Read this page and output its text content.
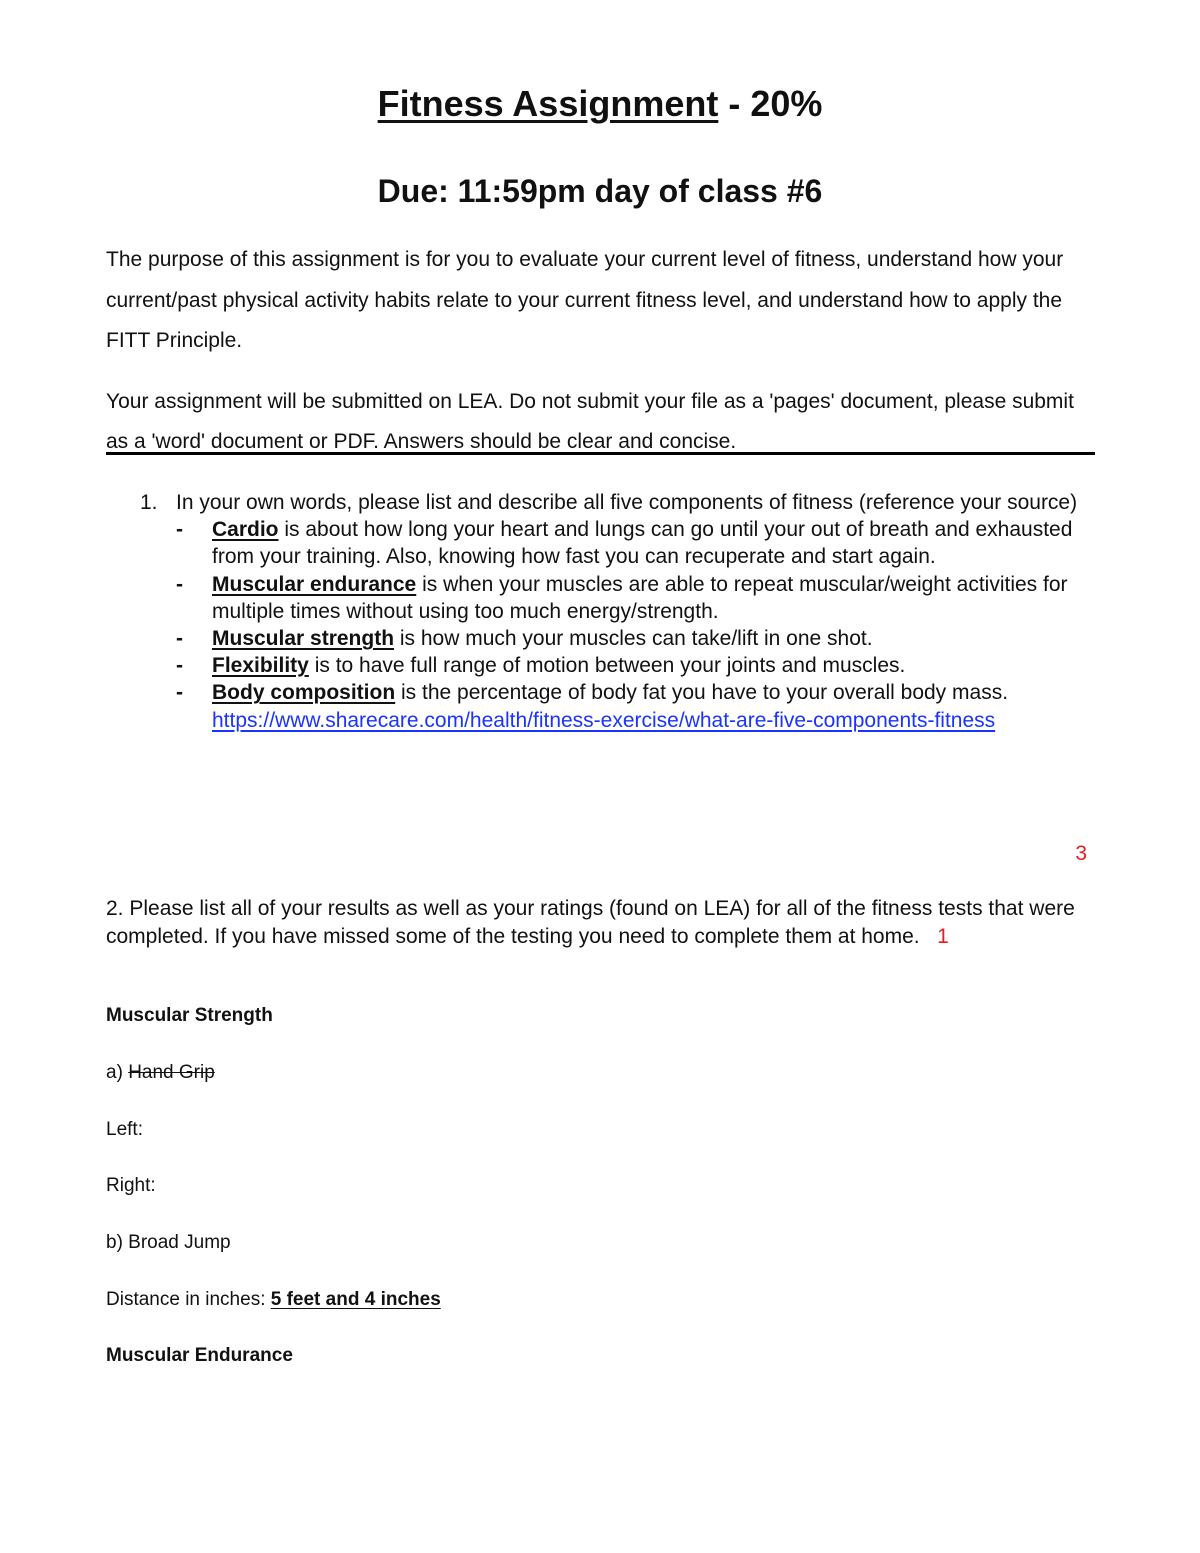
Fitness Assignment - 20%
Due: 11:59pm day of class #6

The purpose of this assignment is for you to evaluate your current level of fitness, understand how your current/past physical activity habits relate to your current fitness level, and understand how to apply the FITT Principle.

Your assignment will be submitted on LEA. Do not submit your file as a 'pages' document, please submit as a 'word' document or PDF. Answers should be clear and concise.

1. In your own words, please list and describe all five components of fitness (reference your source)
- Cardio is about how long your heart and lungs can go until your out of breath and exhausted from your training. Also, knowing how fast you can recuperate and start again.
- Muscular endurance is when your muscles are able to repeat muscular/weight activities for multiple times without using too much energy/strength.
- Muscular strength is how much your muscles can take/lift in one shot.
- Flexibility is to have full range of motion between your joints and muscles.
- Body composition is the percentage of body fat you have to your overall body mass.
https://www.sharecare.com/health/fitness-exercise/what-are-five-components-fitness
3
2. Please list all of your results as well as your ratings (found on LEA) for all of the fitness tests that were completed. If you have missed some of the testing you need to complete them at home. 1
Muscular Strength
a) Hand Grip
Left:
Right:
b) Broad Jump
Distance in inches: 5 feet and 4 inches
Muscular Endurance
